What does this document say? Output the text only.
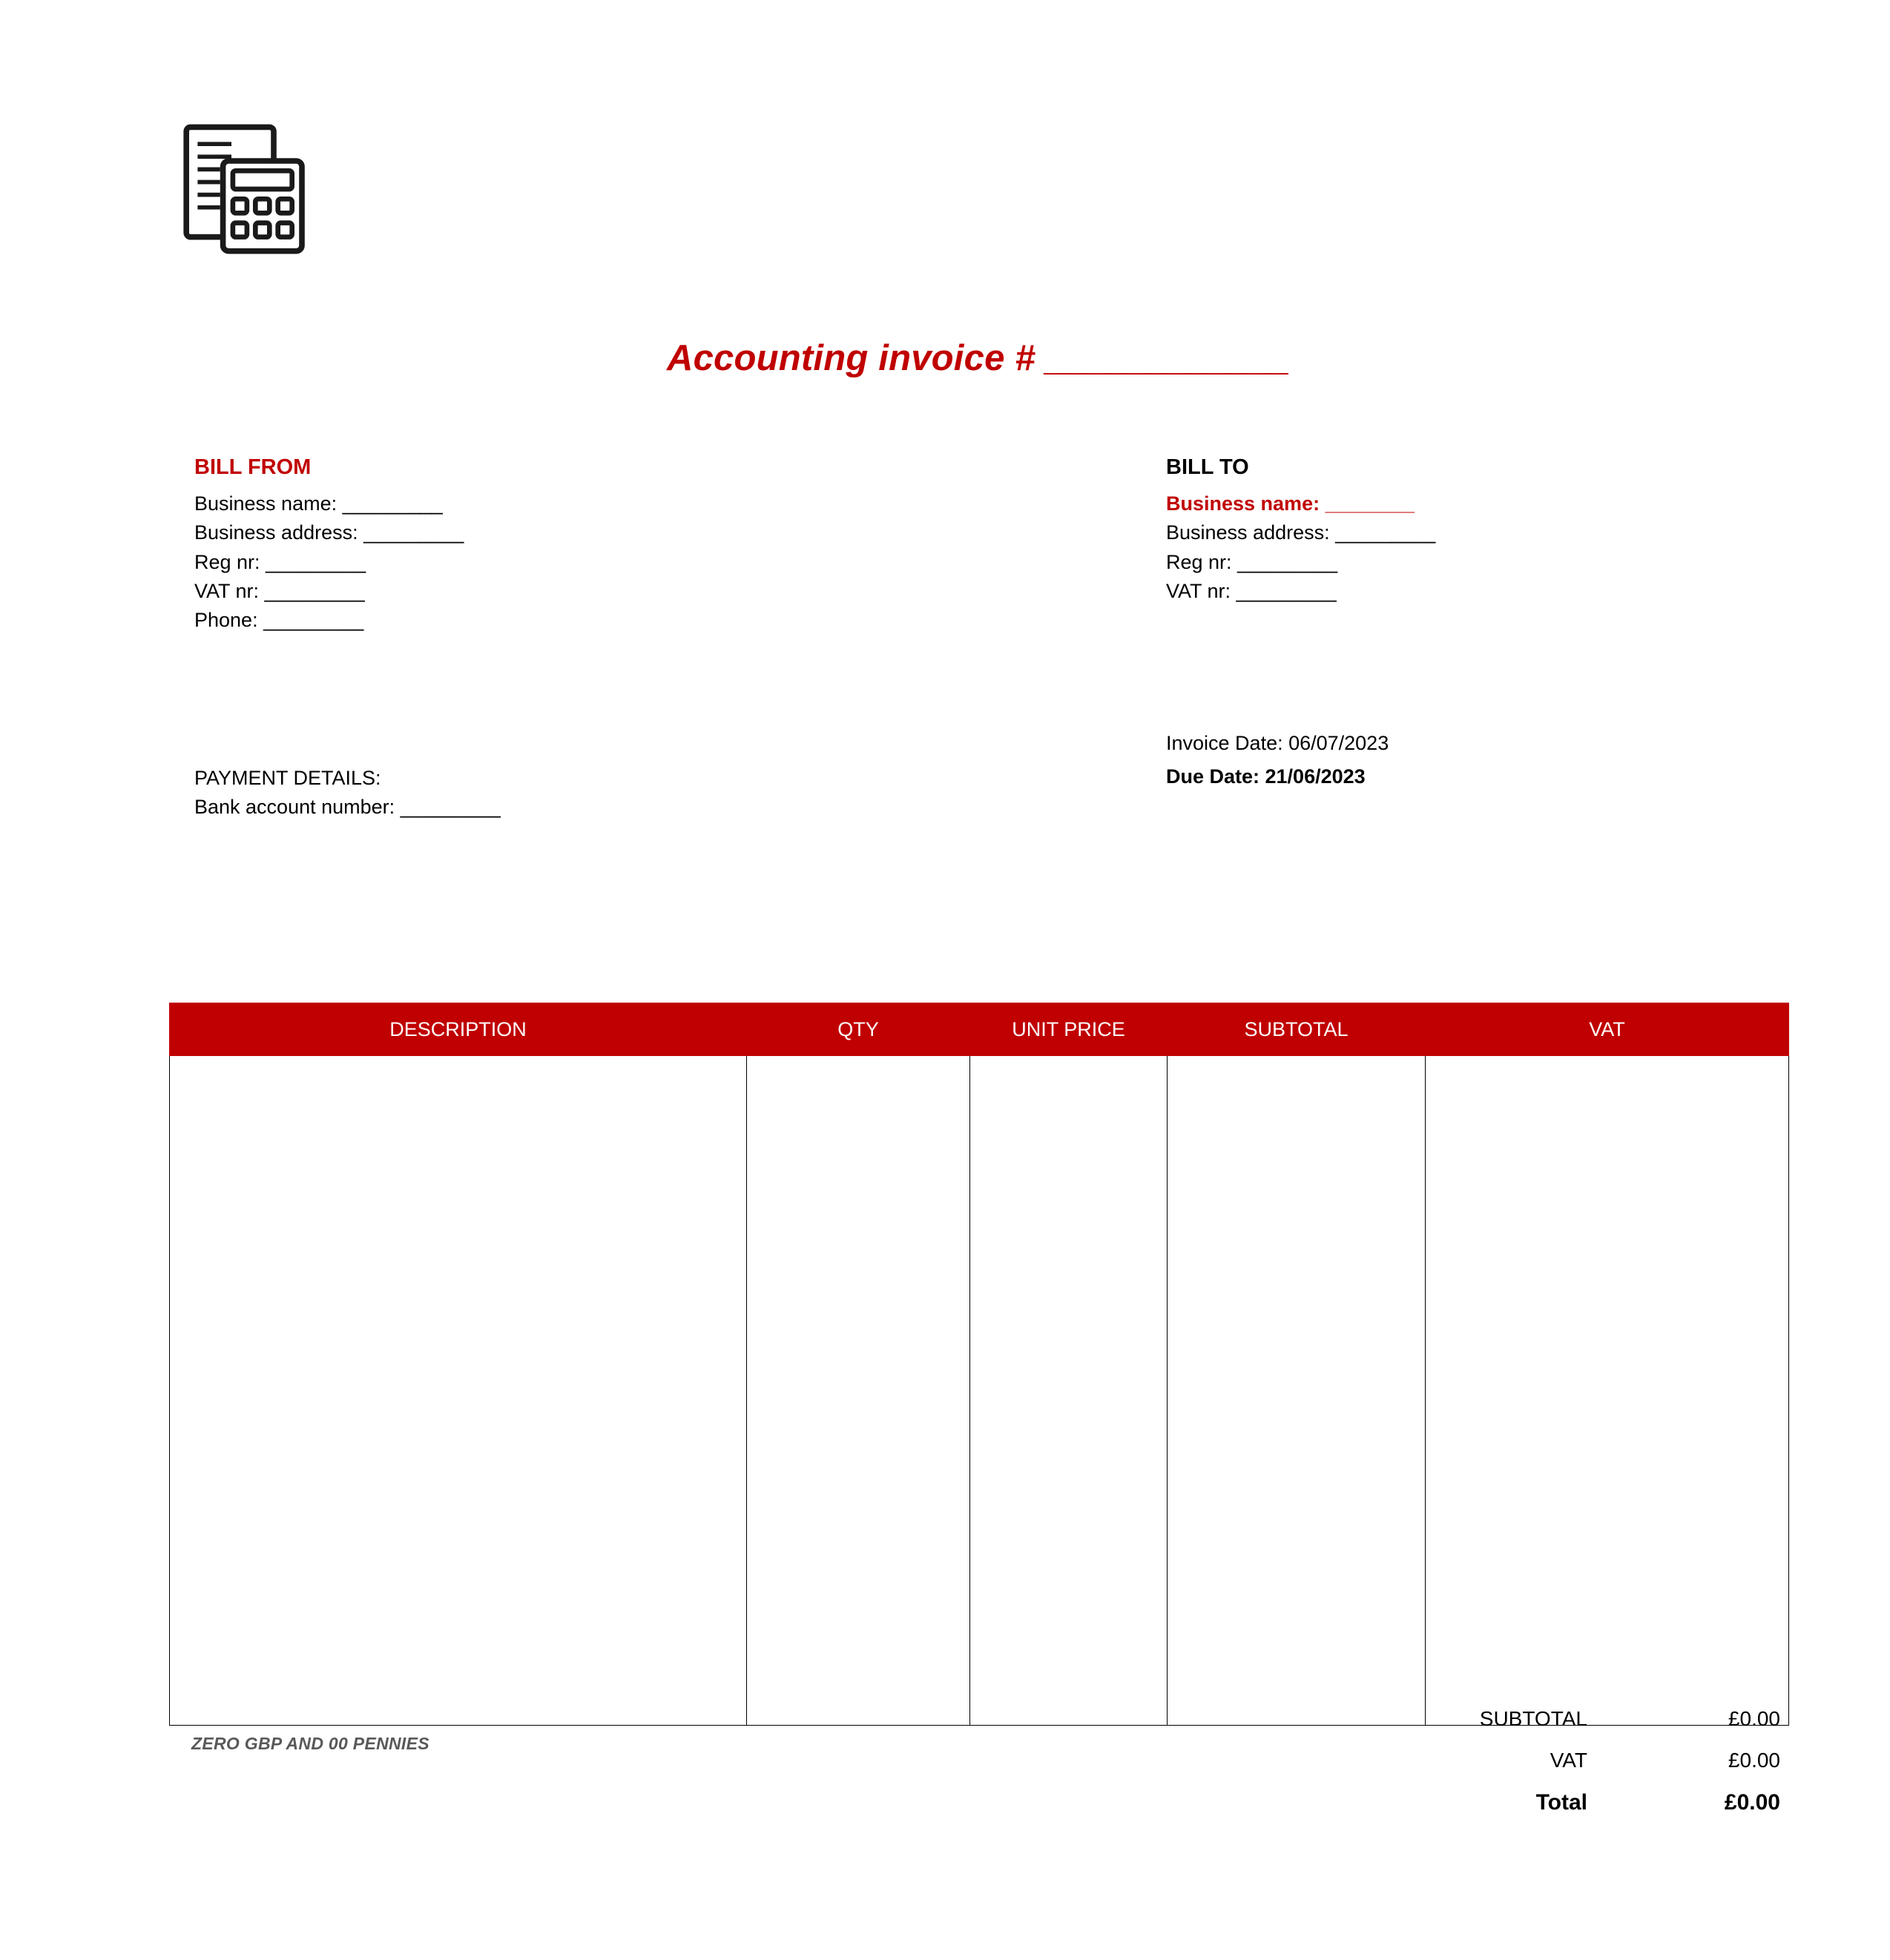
Accounting invoice # ____________
BILL FROM
Business name: _________
Business address: _________
Reg nr: _________
VAT nr: _________
Phone: _________
BILL TO
Business name: ________
Business address: _________
Reg nr: _________
VAT nr: _________
Invoice Date: 06/07/2023
Due Date: 21/06/2023
PAYMENT DETAILS:
Bank account number: _________
DESCRIPTION	QTY	UNIT PRICE	SUBTOTAL	VAT

ZERO GBP AND 00 PENNIES
SUBTOTAL	£0.00
VAT	£0.00
Total	£0.00
